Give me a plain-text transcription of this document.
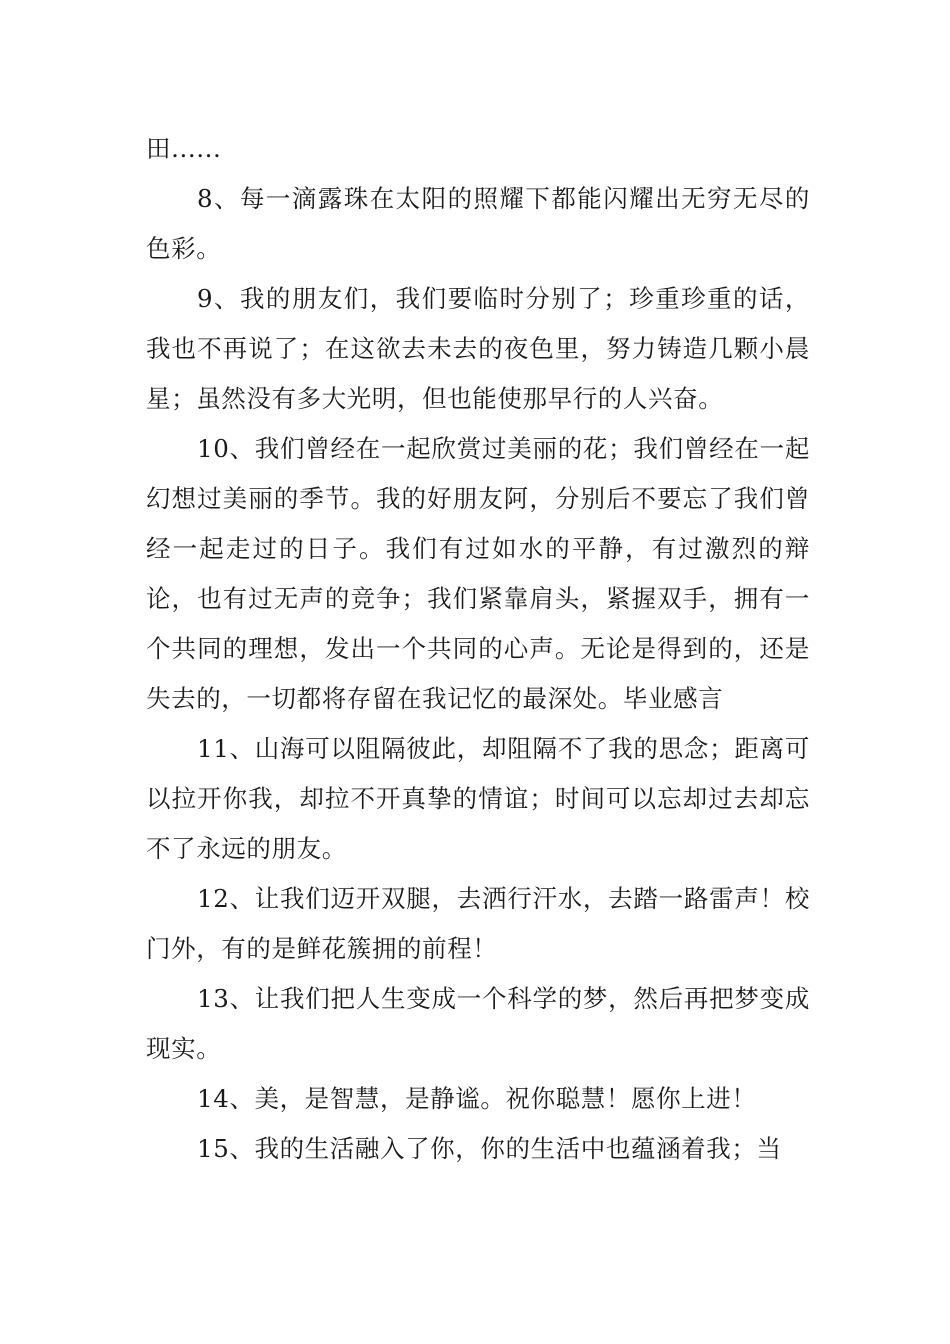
田......

8、每一滴露珠在太阳的照耀下都能闪耀出无穷无尽的色彩。

9、我的朋友们，我们要临时分别了；珍重珍重的话，我也不再说了；在这欲去未去的夜色里，努力铸造几颗小晨星；虽然没有多大光明，但也能使那早行的人兴奋。

10、我们曾经在一起欣赏过美丽的花；我们曾经在一起幻想过美丽的季节。我的好朋友阿，分别后不要忘了我们曾经一起走过的日子。我们有过如水的平静，有过激烈的辩论，也有过无声的竞争；我们紧靠肩头，紧握双手，拥有一个共同的理想，发出一个共同的心声。无论是得到的，还是失去的，一切都将存留在我记忆的最深处。毕业感言

11、山海可以阻隔彼此，却阻隔不了我的思念；距离可以拉开你我，却拉不开真挚的情谊；时间可以忘却过去却忘不了永远的朋友。

12、让我们迈开双腿，去洒行汗水，去踏一路雷声！校门外，有的是鲜花簇拥的前程！

13、让我们把人生变成一个科学的梦，然后再把梦变成现实。

14、美，是智慧，是静谧。祝你聪慧！愿你上进！

15、我的生活融入了你，你的生活中也蕴涵着我；当
